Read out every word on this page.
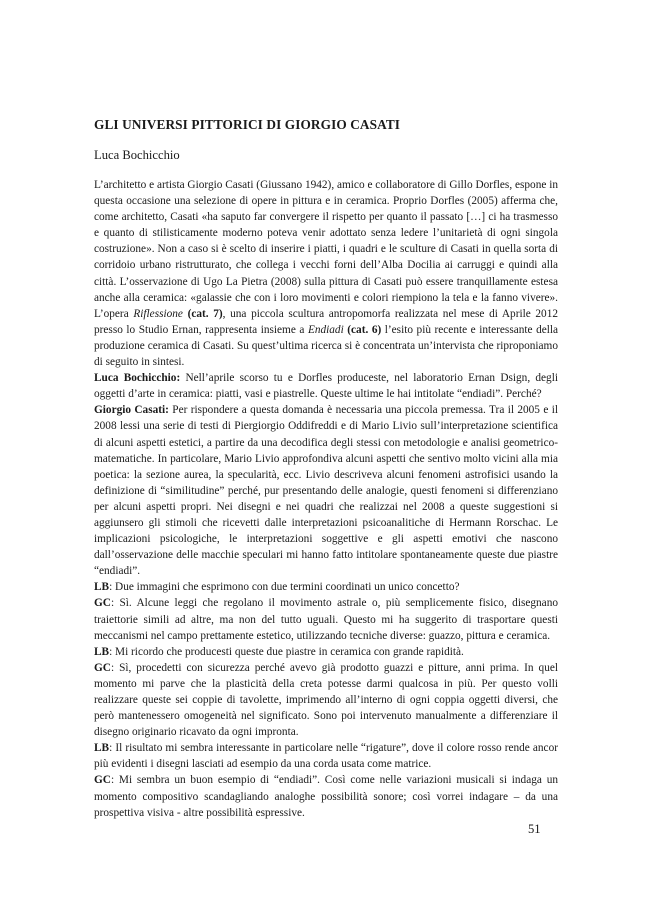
GLI UNIVERSI PITTORICI DI GIORGIO CASATI

Luca Bochicchio

L’architetto e artista Giorgio Casati (Giussano 1942), amico e collaboratore di Gillo Dorfles, espone in questa occasione una selezione di opere in pittura e in ceramica. Proprio Dorfles (2005) afferma che, come architetto, Casati «ha saputo far convergere il rispetto per quanto il passato […] ci ha trasmesso e quanto di stilisticamente moderno poteva venir adottato senza ledere l’unitarietà di ogni singola costruzione». Non a caso si è scelto di inserire i piatti, i quadri e le sculture di Casati in quella sorta di corridoio urbano ristrutturato, che collega i vecchi forni dell’Alba Docilia ai carruggi e quindi alla città. L’osservazione di Ugo La Pietra (2008) sulla pittura di Casati può essere tranquillamente estesa anche alla ceramica: «galassie che con i loro movimenti e colori riempiono la tela e la fanno vivere». L’opera Riflessione (cat. 7), una piccola scultura antropomorfa realizzata nel mese di Aprile 2012 presso lo Studio Ernan, rappresenta insieme a Endiadi (cat. 6) l’esito più recente e interessante della produzione ceramica di Casati. Su quest’ultima ricerca si è concentrata un’intervista che riproponiamo di seguito in sintesi.

Luca Bochicchio: Nell’aprile scorso tu e Dorfles produceste, nel laboratorio Ernan Dsign, degli oggetti d’arte in ceramica: piatti, vasi e piastrelle. Queste ultime le hai intitolate “endiadi”. Perché?

Giorgio Casati: Per rispondere a questa domanda è necessaria una piccola premessa. Tra il 2005 e il 2008 lessi una serie di testi di Piergiorgio Oddifreddi e di Mario Livio sull’interpretazione scientifica di alcuni aspetti estetici, a partire da una decodifica degli stessi con metodologie e analisi geometrico-matematiche. In particolare, Mario Livio approfondiva alcuni aspetti che sentivo molto vicini alla mia poetica: la sezione aurea, la specularità, ecc. Livio descriveva alcuni fenomeni astrofisici usando la definizione di “similitudine” perché, pur presentando delle analogie, questi fenomeni si differenziano per alcuni aspetti propri. Nei disegni e nei quadri che realizzai nel 2008 a queste suggestioni si aggiunsero gli stimoli che ricevetti dalle interpretazioni psicoanalitiche di Hermann Rorschac. Le implicazioni psicologiche, le interpretazioni soggettive e gli aspetti emotivi che nascono dall’osservazione delle macchie speculari mi hanno fatto intitolare spontaneamente queste due piastre “endiadi”.

LB: Due immagini che esprimono con due termini coordinati un unico concetto?

GC: Sì. Alcune leggi che regolano il movimento astrale o, più semplicemente fisico, disegnano traiettorie simili ad altre, ma non del tutto uguali. Questo mi ha suggerito di trasportare questi meccanismi nel campo prettamente estetico, utilizzando tecniche diverse: guazzo, pittura e ceramica.

LB: Mi ricordo che producesti queste due piastre in ceramica con grande rapidità.

GC: Sì, procedetti con sicurezza perché avevo già prodotto guazzi e pitture, anni prima. In quel momento mi parve che la plasticità della creta potesse darmi qualcosa in più. Per questo volli realizzare queste sei coppie di tavolette, imprimendo all’interno di ogni coppia oggetti diversi, che però mantenessero omogeneità nel significato. Sono poi intervenuto manualmente a differenziare il disegno originario ricavato da ogni impronta.

LB: Il risultato mi sembra interessante in particolare nelle “rigature”, dove il colore rosso rende ancor più evidenti i disegni lasciati ad esempio da una corda usata come matrice.

GC: Mi sembra un buon esempio di “endiadi”. Così come nelle variazioni musicali si indaga un momento compositivo scandagliando analoghe possibilità sonore; così vorrei indagare – da una prospettiva visiva - altre possibilità espressive.

51
